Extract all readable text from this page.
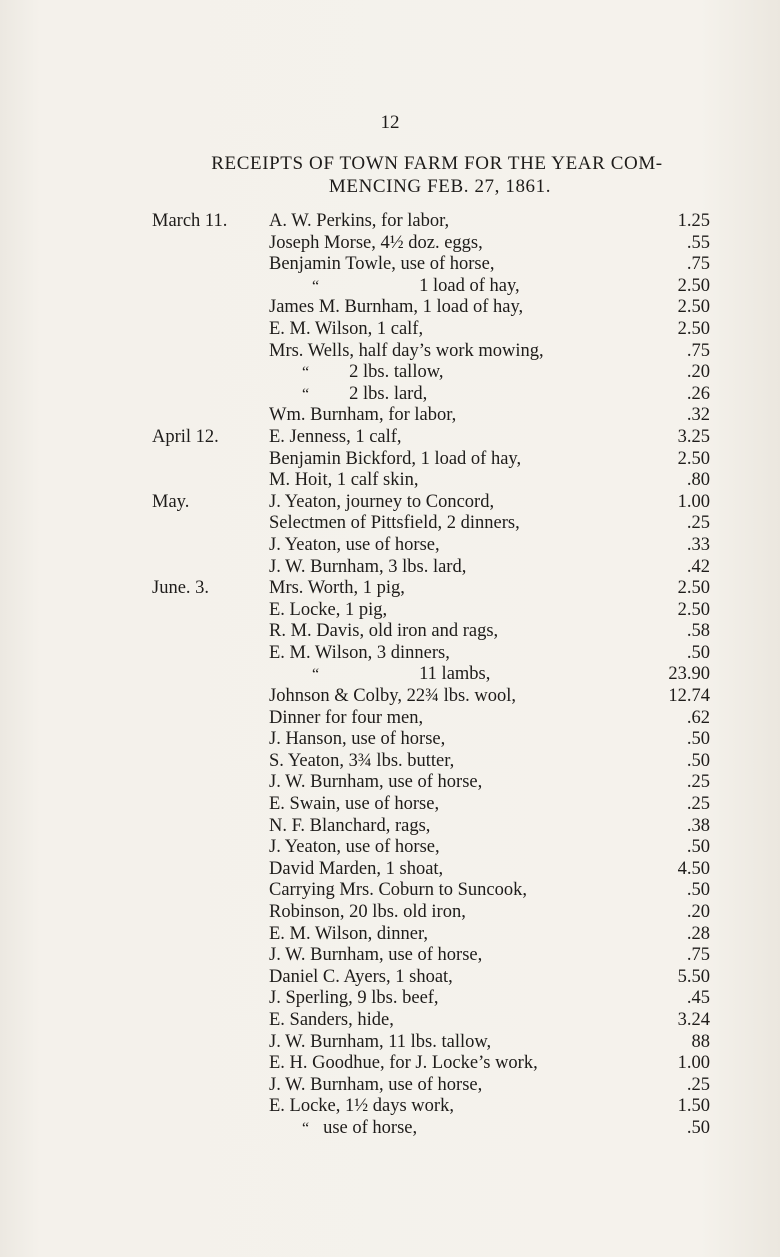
12
RECEIPTS OF TOWN FARM FOR THE YEAR COM-
MENCING FEB. 27, 1861.
March 11. A. W. Perkins, for labor,	1.25
Joseph Morse, 4½ doz. eggs,	.55
Benjamin Towle, use of horse,	.75
“	1 load of hay,	2.50
James M. Burnham, 1 load of hay,	2.50
E. M. Wilson, 1 calf,	2.50
Mrs. Wells, half day’s work mowing,	.75
“ 2 lbs. tallow,	.20
“ 2 lbs. lard,	.26
Wm. Burnham, for labor,	.32
April 12.	E. Jenness, 1 calf,	3.25
Benjamin Bickford, 1 load of hay,	2.50
M. Hoit, 1 calf skin,	.80
May.	J. Yeaton, journey to Concord,	1.00
Selectmen of Pittsfield, 2 dinners,	.25
J. Yeaton, use of horse,	.33
J. W. Burnham, 3 lbs. lard,	.42
June. 3.	Mrs. Worth, 1 pig,	2.50
E. Locke, 1 pig,	2.50
R. M. Davis, old iron and rags,	.58
E. M. Wilson, 3 dinners,	.50
“	11 lambs,	23.90
Johnson & Colby, 22¾ lbs. wool,	12.74
Dinner for four men,	.62
J. Hanson, use of horse,	.50
S. Yeaton, 3¾ lbs. butter,	.50
J. W. Burnham, use of horse,	.25
E. Swain, use of horse,	.25
N. F. Blanchard, rags,	.38
J. Yeaton, use of horse,	.50
David Marden, 1 shoat,	4.50
Carrying Mrs. Coburn to Suncook,	.50
Robinson, 20 lbs. old iron,	.20
E. M. Wilson, dinner,	.28
J. W. Burnham, use of horse,	.75
Daniel C. Ayers, 1 shoat,	5.50
J. Sperling, 9 lbs. beef,	.45
E. Sanders, hide,	3.24
J. W. Burnham, 11 lbs. tallow,	88
E. H. Goodhue, for J. Locke’s work,	1.00
J. W. Burnham, use of horse,	.25
E. Locke, 1½ days work,	1.50
“ use of horse,	.50
